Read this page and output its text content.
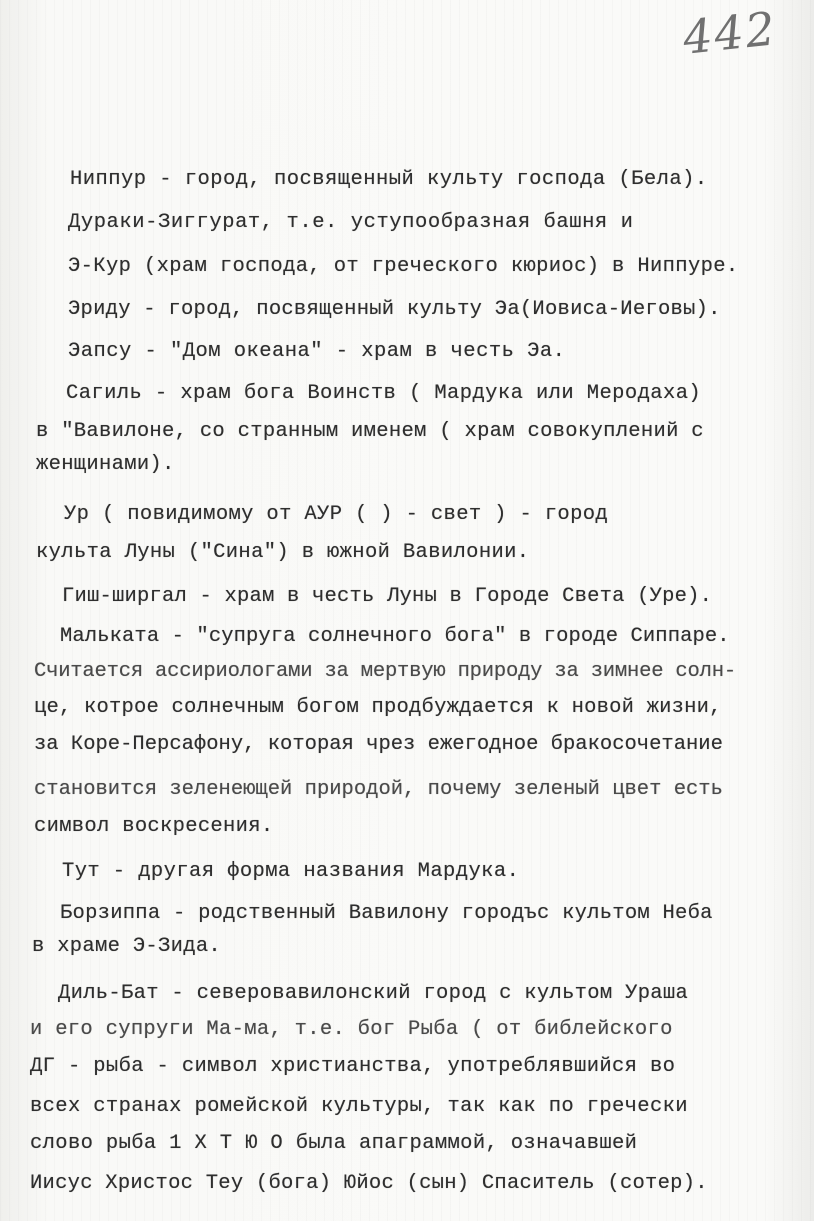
442
Ниппур - город, посвященный культу господа (Бела).
Дураки-Зиггурат, т.е. уступообразная башня и
Э-Кур (храм господа, от греческого кюриос) в Ниппуре.
Эриду - город, посвященный культу Эа(Иовиса-Иеговы).
Эапсу - "Дом океана" - храм в честь Эа.
Сагиль - храм бога Воинств ( Мардука или Меродаха)
в "Вавилоне, со странным именем ( храм совокуплений с
женщинами).
Ур ( повидимому от АУР ( ) - свет ) - город
культа Луны ("Сина") в южной Вавилонии.
Гиш-ширгал - храм в честь Луны в Городе Света (Уре).
Мальката - "супруга солнечного бога" в городе Сиппаре.
Считается ассириологами за мертвую природу за зимнее солн-
це, котрое солнечным богом продбуждается к новой жизни,
за Коре-Персафону, которая чрез ежегодное бракосочетание
становится зеленеющей природой, почему зеленый цвет есть
символ воскресения.
Тут - другая форма названия Мардука.
Борзиппа - родственный Вавилону городъс культом Неба
в храме Э-Зида.
Диль-Бат - северовавилонский город с культом Ураша
и его супруги Ма-ма, т.е. бог Рыба ( от библейского
ДГ - рыба - символ христианства, употреблявшийся во
всех странах ромейской культуры, так как по гречески
слово рыба 1 Х Т Ю О была апаграммой, означавшей
Иисус Христос Теу (бога) Юйос (сын) Спаситель (сотер).
